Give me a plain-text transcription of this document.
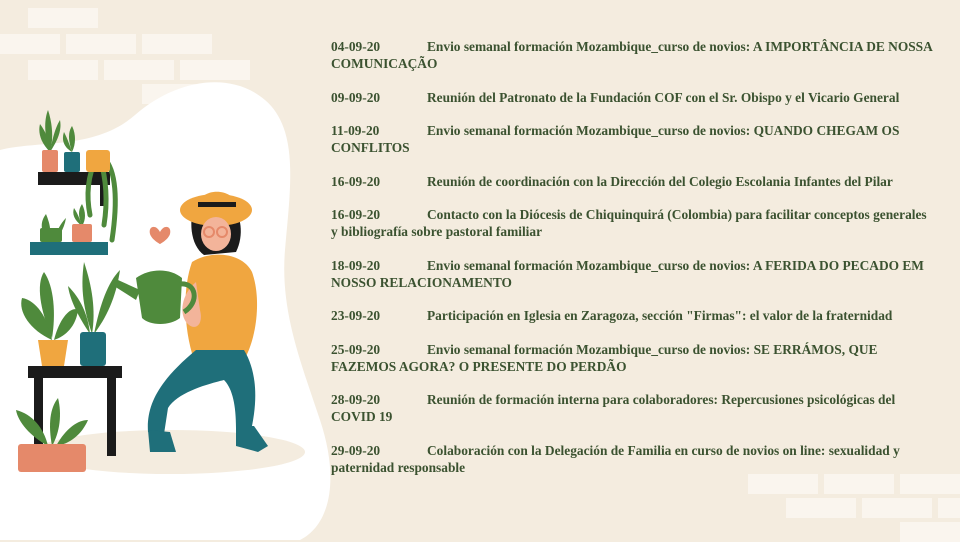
04-09-20	Envio semanal formación Mozambique_curso de novios: A IMPORTÂNCIA DE NOSSA COMUNICAÇÃO
09-09-20	Reunión del Patronato de la Fundación COF con el Sr. Obispo y el Vicario General
11-09-20	Envio semanal formación Mozambique_curso de novios: QUANDO CHEGAM OS CONFLITOS
16-09-20	Reunión de coordinación con la Dirección del Colegio Escolania Infantes del Pilar
16-09-20	Contacto con la Diócesis de Chiquinquirá (Colombia) para facilitar conceptos generales y bibliografía sobre pastoral familiar
18-09-20	Envio semanal formación Mozambique_curso de novios: A FERIDA DO PECADO EM NOSSO RELACIONAMENTO
23-09-20	Participación en Iglesia en Zaragoza, sección "Firmas": el valor de la fraternidad
25-09-20	Envio semanal formación Mozambique_curso de novios: SE ERRÁMOS, QUE FAZEMOS AGORA? O PRESENTE DO PERDÃO
28-09-20	Reunión de formación interna para colaboradores: Repercusiones psicológicas del COVID 19
29-09-20	Colaboración con la Delegación de Familia en curso de novios on line: sexualidad y paternidad responsable
